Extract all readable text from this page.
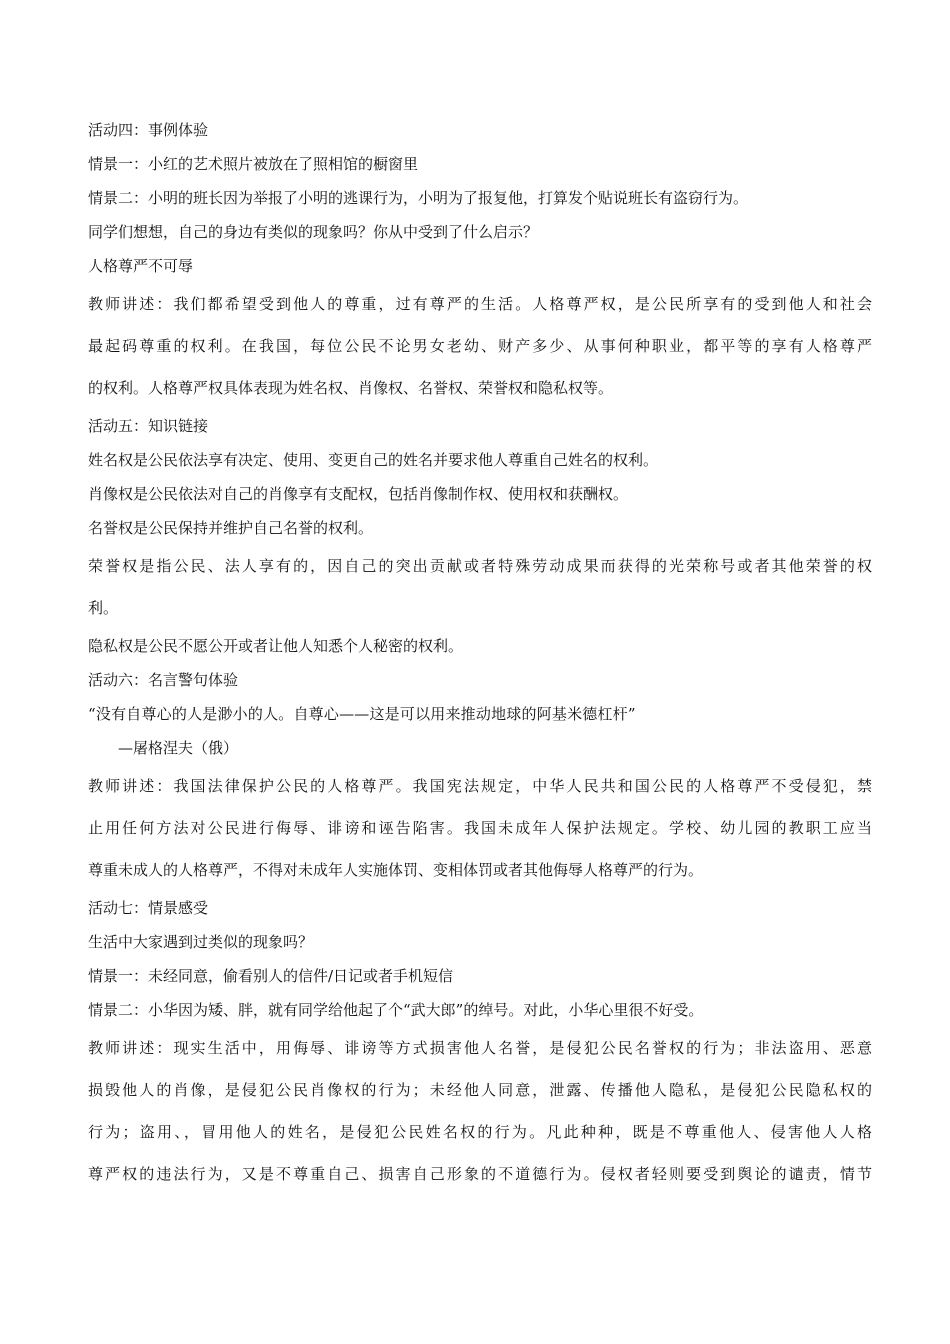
活动四：事例体验
情景一：小红的艺术照片被放在了照相馆的橱窗里
情景二：小明的班长因为举报了小明的逃课行为，小明为了报复他，打算发个贴说班长有盗窃行为。
同学们想想，自己的身边有类似的现象吗？你从中受到了什么启示？
人格尊严不可辱
教师讲述：我们都希望受到他人的尊重，过有尊严的生活。人格尊严权，是公民所享有的受到他人和社会
最起码尊重的权利。在我国，每位公民不论男女老幼、财产多少、从事何种职业，都平等的享有人格尊严
的权利。人格尊严权具体表现为姓名权、肖像权、名誉权、荣誉权和隐私权等。
活动五：知识链接
姓名权是公民依法享有决定、使用、变更自己的姓名并要求他人尊重自己姓名的权利。
肖像权是公民依法对自己的肖像享有支配权，包括肖像制作权、使用权和获酬权。
名誉权是公民保持并维护自己名誉的权利。
荣誉权是指公民、法人享有的，因自己的突出贡献或者特殊劳动成果而获得的光荣称号或者其他荣誉的权
利。
隐私权是公民不愿公开或者让他人知悉个人秘密的权利。
活动六：名言警句体验
“没有自尊心的人是渺小的人。自尊心——这是可以用来推动地球的阿基米德杠杆”
—屠格涅夫（俄）
教师讲述：我国法律保护公民的人格尊严。我国宪法规定，中华人民共和国公民的人格尊严不受侵犯，禁
止用任何方法对公民进行侮辱、诽谤和诬告陷害。我国未成年人保护法规定。学校、幼儿园的教职工应当
尊重未成人的人格尊严，不得对未成年人实施体罚、变相体罚或者其他侮辱人格尊严的行为。
活动七：情景感受
生活中大家遇到过类似的现象吗？
情景一：未经同意，偷看别人的信件/日记或者手机短信
情景二：小华因为矮、胖，就有同学给他起了个“武大郎”的绰号。对此，小华心里很不好受。
教师讲述：现实生活中，用侮辱、诽谤等方式损害他人名誉，是侵犯公民名誉权的行为；非法盗用、恶意
损毁他人的肖像，是侵犯公民肖像权的行为；未经他人同意，泄露、传播他人隐私，是侵犯公民隐私权的
行为；盗用、，冒用他人的姓名，是侵犯公民姓名权的行为。凡此种种，既是不尊重他人、侵害他人人格
尊严权的违法行为，又是不尊重自己、损害自己形象的不道德行为。侵权者轻则要受到舆论的谴责，情节
